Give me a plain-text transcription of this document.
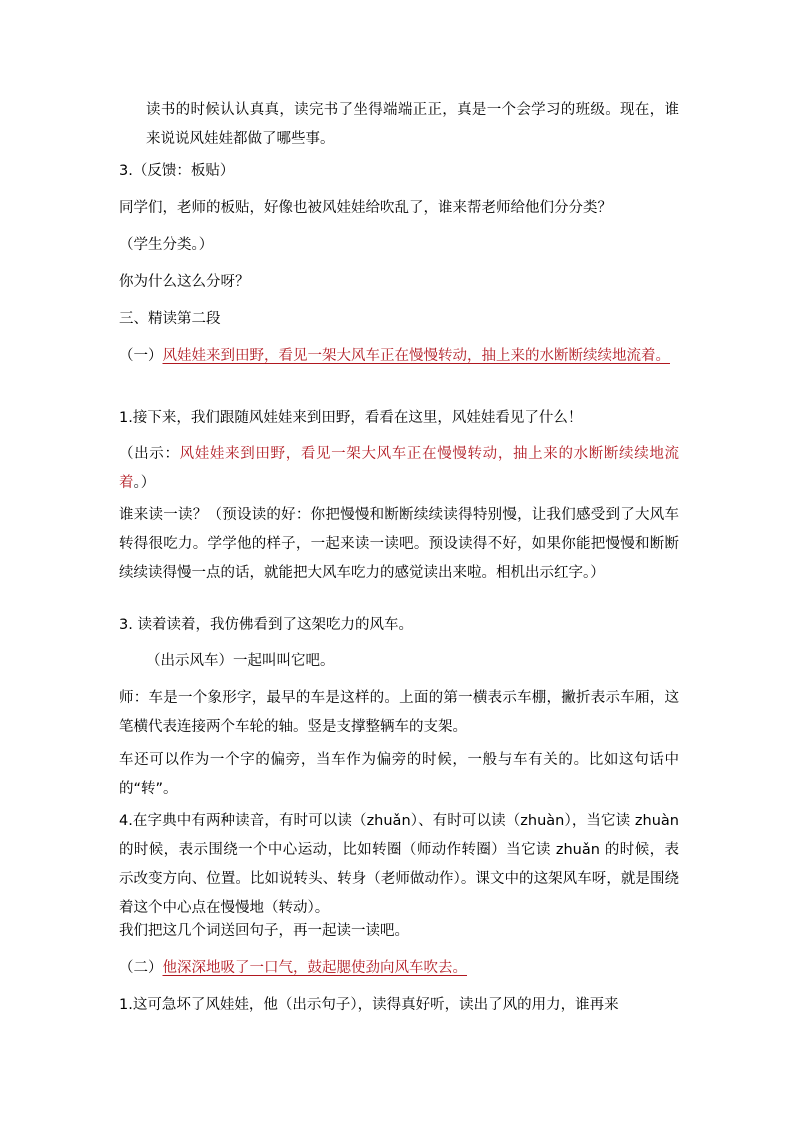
读书的时候认认真真，读完书了坐得端端正正，真是一个会学习的班级。现在，谁来说说风娃娃都做了哪些事。

3.（反馈：板贴）

同学们，老师的板贴，好像也被风娃娃给吹乱了，谁来帮老师给他们分分类？

（学生分类。）

你为什么这么分呀？

三、精读第二段

（一）风娃娃来到田野，看见一架大风车正在慢慢转动，抽上来的水断断续续地流着。

1.接下来，我们跟随风娃娃来到田野，看看在这里，风娃娃看见了什么！

（出示：风娃娃来到田野，看见一架大风车正在慢慢转动，抽上来的水断断续续地流着。）

谁来读一读？（预设读的好：你把慢慢和断断续续读得特别慢，让我们感受到了大风车转得很吃力。学学他的样子，一起来读一读吧。预设读得不好，如果你能把慢慢和断断续续读得慢一点的话，就能把大风车吃力的感觉读出来啦。相机出示红字。）

3. 读着读着，我仿佛看到了这架吃力的风车。

（出示风车）一起叫叫它吧。

师：车是一个象形字，最早的车是这样的。上面的第一横表示车棚，撇折表示车厢，这笔横代表连接两个车轮的轴。竖是支撑整辆车的支架。

车还可以作为一个字的偏旁，当车作为偏旁的时候，一般与车有关的。比如这句话中的“转”。

4.在字典中有两种读音，有时可以读（zhuǎn）、有时可以读（zhuàn），当它读 zhuàn的时候，表示围绕一个中心运动，比如转圈（师动作转圈）当它读 zhuǎn 的时候，表示改变方向、位置。比如说转头、转身（老师做动作）。课文中的这架风车呀，就是围绕着这个中心点在慢慢地（转动）。

我们把这几个词送回句子，再一起读一读吧。

（二）他深深地吸了一口气，鼓起腮使劲向风车吹去。

1.这可急坏了风娃娃，他（出示句子），读得真好听，读出了风的用力，谁再来
